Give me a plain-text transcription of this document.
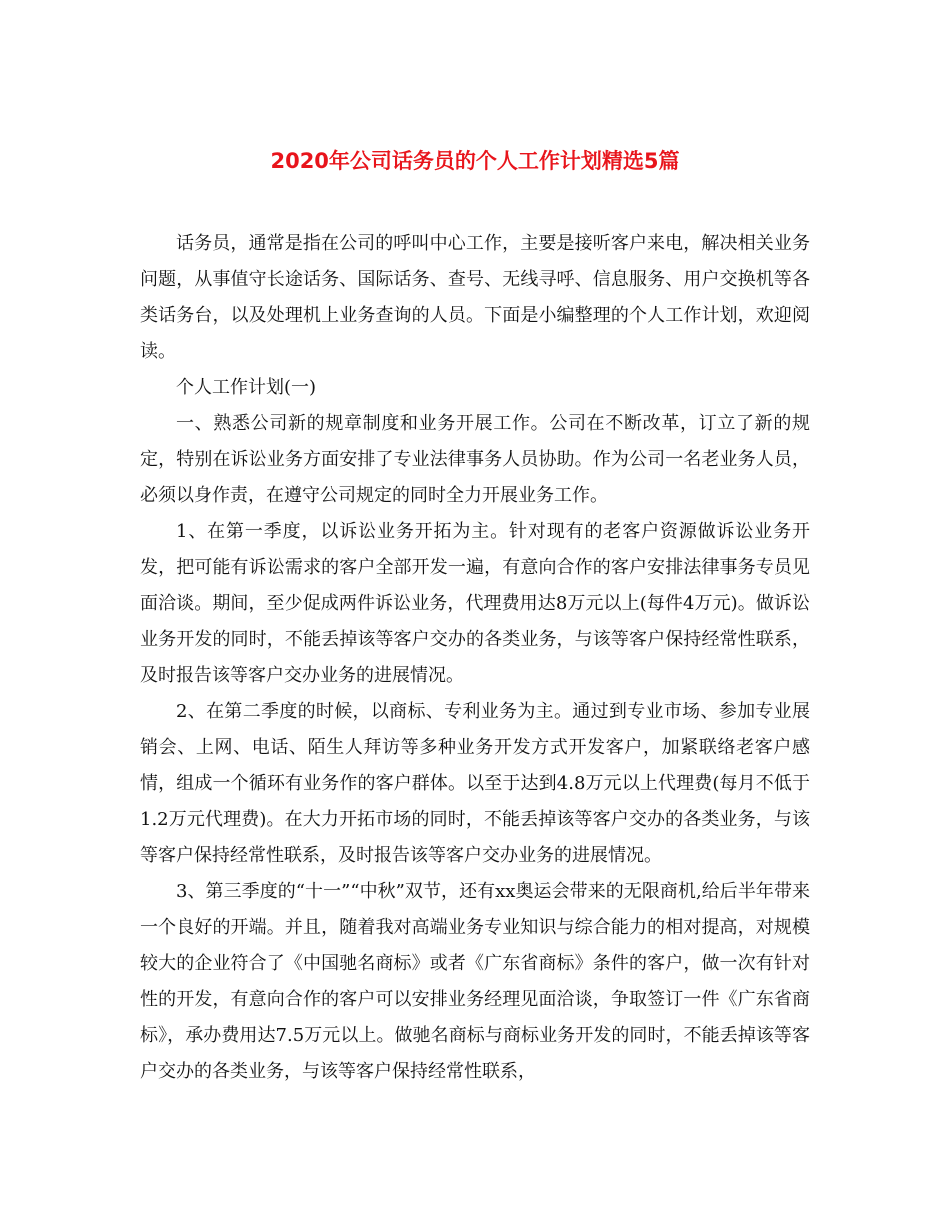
2020年公司话务员的个人工作计划精选5篇

话务员，通常是指在公司的呼叫中心工作，主要是接听客户来电，解决相关业务问题，从事值守长途话务、国际话务、查号、无线寻呼、信息服务、用户交换机等各类话务台，以及处理机上业务查询的人员。下面是小编整理的个人工作计划，欢迎阅读。

个人工作计划(一)

一、熟悉公司新的规章制度和业务开展工作。公司在不断改革，订立了新的规定，特别在诉讼业务方面安排了专业法律事务人员协助。作为公司一名老业务人员，必须以身作责，在遵守公司规定的同时全力开展业务工作。

1、在第一季度，以诉讼业务开拓为主。针对现有的老客户资源做诉讼业务开发，把可能有诉讼需求的客户全部开发一遍，有意向合作的客户安排法律事务专员见面洽谈。期间，至少促成两件诉讼业务，代理费用达8万元以上(每件4万元)。做诉讼业务开发的同时，不能丢掉该等客户交办的各类业务，与该等客户保持经常性联系，及时报告该等客户交办业务的进展情况。

2、在第二季度的时候，以商标、专利业务为主。通过到专业市场、参加专业展销会、上网、电话、陌生人拜访等多种业务开发方式开发客户，加紧联络老客户感情，组成一个循环有业务作的客户群体。以至于达到4.8万元以上代理费(每月不低于1.2万元代理费)。在大力开拓市场的同时，不能丢掉该等客户交办的各类业务，与该等客户保持经常性联系，及时报告该等客户交办业务的进展情况。

3、第三季度的“十一”“中秋”双节，还有xx奥运会带来的无限商机,给后半年带来一个良好的开端。并且，随着我对高端业务专业知识与综合能力的相对提高，对规模较大的企业符合了《中国驰名商标》或者《广东省商标》条件的客户，做一次有针对性的开发，有意向合作的客户可以安排业务经理见面洽谈，争取签订一件《广东省商标》，承办费用达7.5万元以上。做驰名商标与商标业务开发的同时，不能丢掉该等客户交办的各类业务，与该等客户保持经常性联系，
